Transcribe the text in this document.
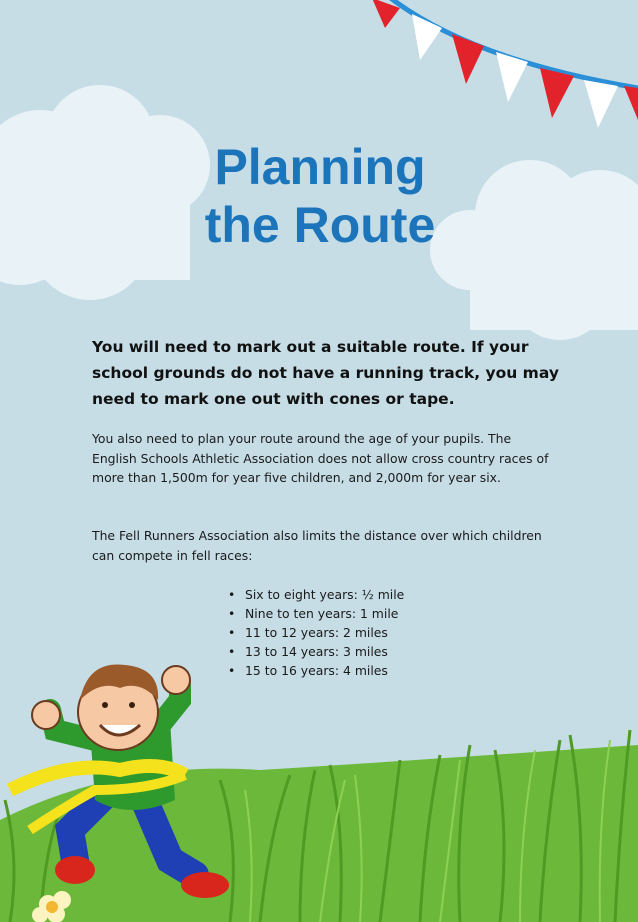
Planning
the Route

You will need to mark out a suitable route. If your school grounds do not have a running track, you may need to mark one out with cones or tape.

You also need to plan your route around the age of your pupils. The English Schools Athletic Association does not allow cross country races of more than 1,500m for year five children, and 2,000m for year six.

The Fell Runners Association also limits the distance over which children can compete in fell races:

• Six to eight years: ½ mile
• Nine to ten years: 1 mile
• 11 to 12 years: 2 miles
• 13 to 14 years: 3 miles
• 15 to 16 years: 4 miles
